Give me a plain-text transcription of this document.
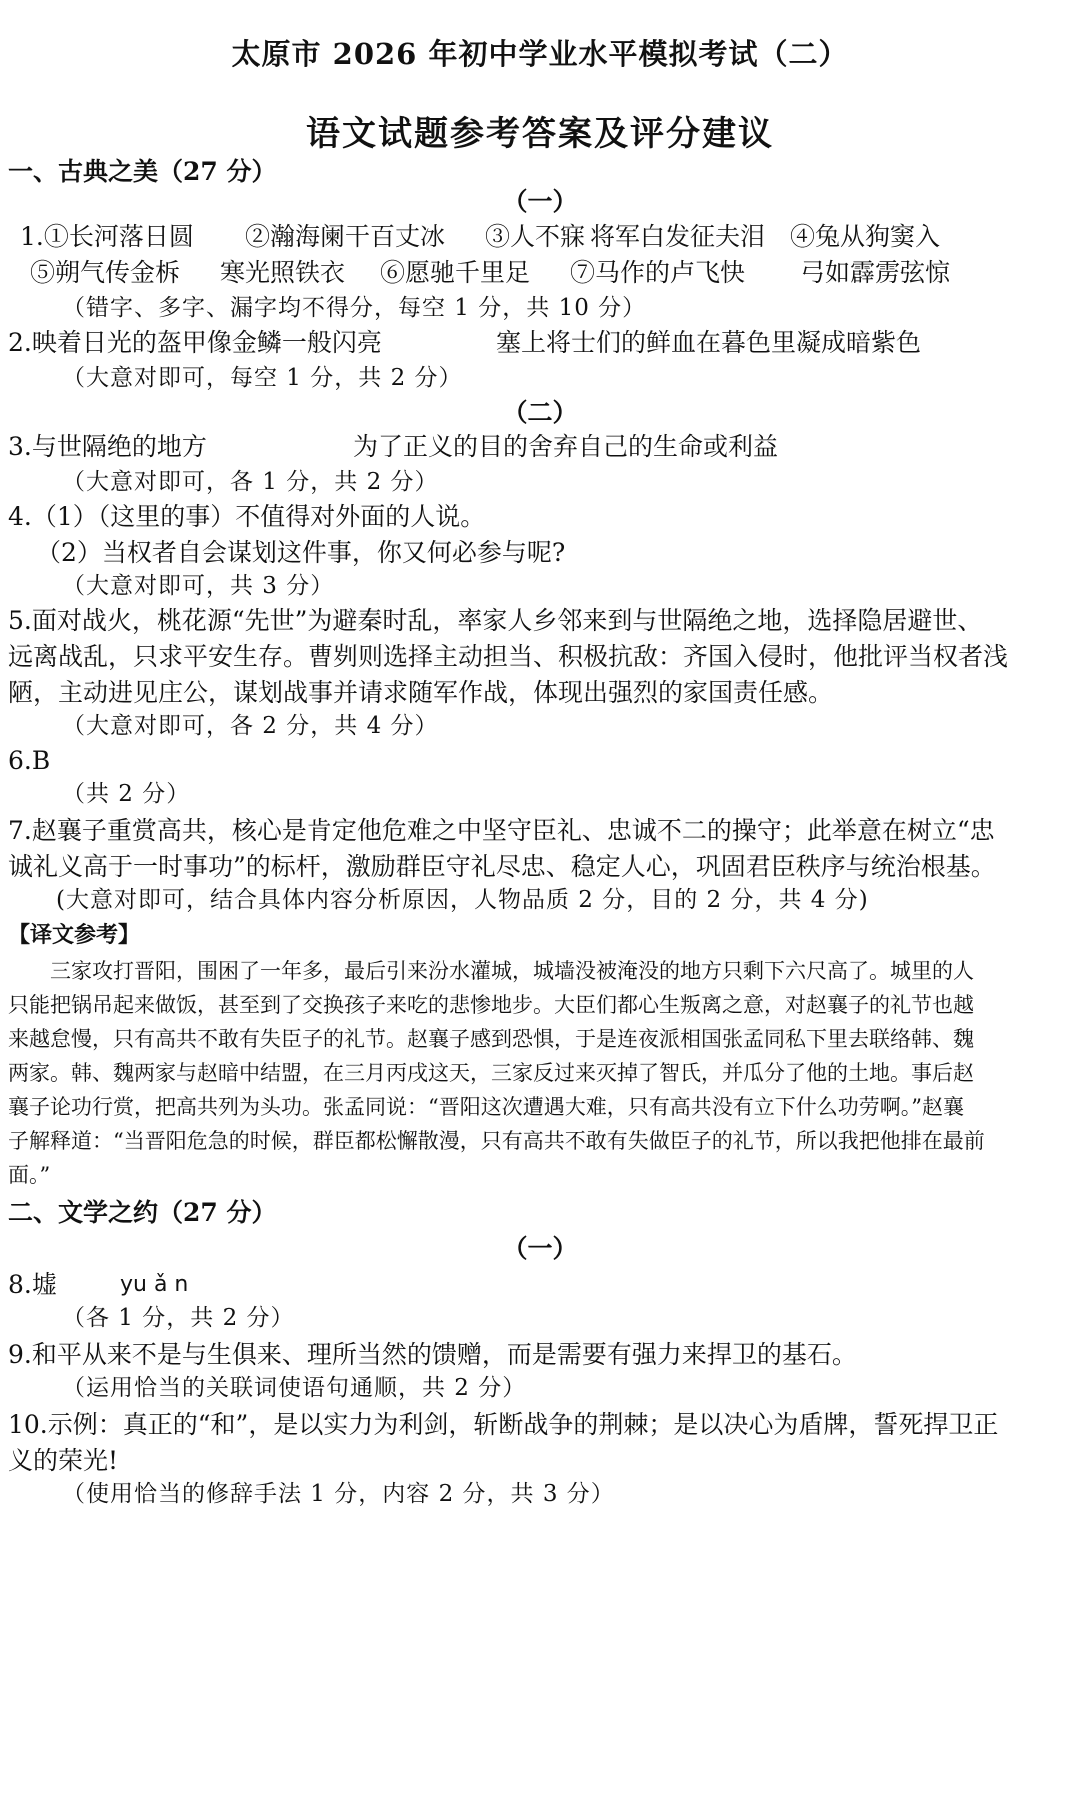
太原市 2026 年初中学业水平模拟考试（二）
语文试题参考答案及评分建议
一、古典之美（27 分）
（一）
1.①长河落日圆 ②瀚海阑干百丈冰 ③人不寐 将军白发征夫泪 ④兔从狗窦入
⑤朔气传金柝 寒光照铁衣 ⑥愿驰千里足 ⑦马作的卢飞快 弓如霹雳弦惊
（错字、多字、漏字均不得分，每空 1 分，共 10 分）
2.映着日光的盔甲像金鳞一般闪亮	塞上将士们的鲜血在暮色里凝成暗紫色
（大意对即可，每空 1 分，共 2 分）
（二）
3.与世隔绝的地方	为了正义的目的舍弃自己的生命或利益
（大意对即可，各 1 分，共 2 分）
4.（1）（这里的事）不值得对外面的人说。
（2）当权者自会谋划这件事，你又何必参与呢?
（大意对即可，共 3 分）
5.面对战火，桃花源“先世”为避秦时乱，率家人乡邻来到与世隔绝之地，选择隐居避世、
远离战乱，只求平安生存。曹刿则选择主动担当、积极抗敌：齐国入侵时，他批评当权者浅
陋，主动进见庄公，谋划战事并请求随军作战，体现出强烈的家国责任感。
（大意对即可，各 2 分，共 4 分）
6.B
（共 2 分）
7.赵襄子重赏高共，核心是肯定他危难之中坚守臣礼、忠诚不二的操守；此举意在树立“忠
诚礼义高于一时事功”的标杆，激励群臣守礼尽忠、稳定人心，巩固君臣秩序与统治根基。
(大意对即可，结合具体内容分析原因，人物品质 2 分，目的 2 分，共 4 分)
【译文参考】
三家攻打晋阳，围困了一年多，最后引来汾水灌城，城墙没被淹没的地方只剩下六尺高了。城里的人
只能把锅吊起来做饭，甚至到了交换孩子来吃的悲惨地步。大臣们都心生叛离之意，对赵襄子的礼节也越
来越怠慢，只有高共不敢有失臣子的礼节。赵襄子感到恐惧，于是连夜派相国张孟同私下里去联络韩、魏
两家。韩、魏两家与赵暗中结盟，在三月丙戌这天，三家反过来灭掉了智氏，并瓜分了他的土地。事后赵
襄子论功行赏，把高共列为头功。张孟同说：“晋阳这次遭遇大难，只有高共没有立下什么功劳啊。”赵襄
子解释道：“当晋阳危急的时候，群臣都松懈散漫，只有高共不敢有失做臣子的礼节，所以我把他排在最前
面。”
二、文学之约（27 分）
（一）
8.墟	yu ǎ n
（各 1 分，共 2 分）
9.和平从来不是与生俱来、理所当然的馈赠，而是需要有强力来捍卫的基石。
（运用恰当的关联词使语句通顺，共 2 分）
10.示例：真正的“和”，是以实力为利剑，斩断战争的荆棘；是以决心为盾牌，誓死捍卫正
义的荣光!
（使用恰当的修辞手法 1 分，内容 2 分，共 3 分）
